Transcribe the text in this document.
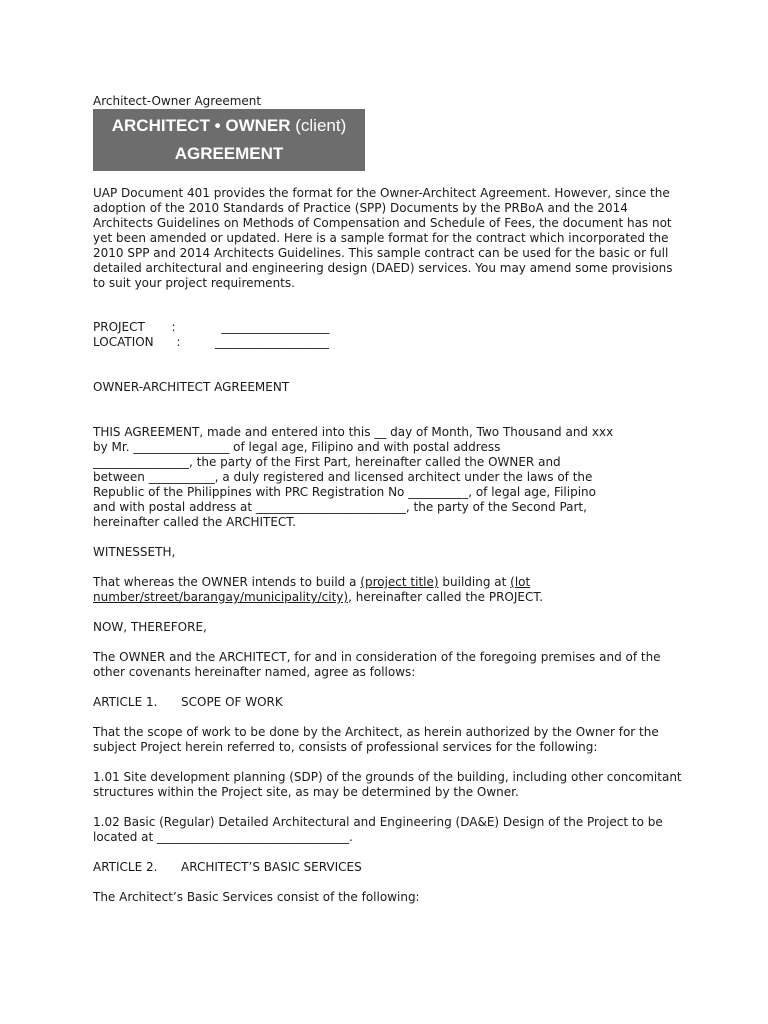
Architect-Owner Agreement

ARCHITECT • OWNER (client)
AGREEMENT

UAP Document 401 provides the format for the Owner-Architect Agreement. However, since the adoption of the 2010 Standards of Practice (SPP) Documents by the PRBoA and the 2014 Architects Guidelines on Methods of Compensation and Schedule of Fees, the document has not yet been amended or updated. Here is a sample format for the contract which incorporated the 2010 SPP and 2014 Architects Guidelines. This sample contract can be used for the basic or full detailed architectural and engineering design (DAED) services. You may amend some provisions to suit your project requirements.

PROJECT       :            __________________
LOCATION      :         ___________________

OWNER-ARCHITECT AGREEMENT

THIS AGREEMENT, made and entered into this __ day of Month, Two Thousand and xxx

by Mr. ________________ of legal age, Filipino and with postal address

________________, the party of the First Part, hereinafter called the OWNER and

between ___________, a duly registered and licensed architect under the laws of the

Republic of the Philippines with PRC Registration No __________, of legal age, Filipino

and with postal address at _________________________, the party of the Second Part,

hereinafter called the ARCHITECT.

WITNESSETH,

That whereas the OWNER intends to build a (project title) building at (lot
number/street/barangay/municipality/city), hereinafter called the PROJECT.

NOW, THEREFORE,

The OWNER and the ARCHITECT, for and in consideration of the foregoing premises and of the other covenants hereinafter named, agree as follows:

ARTICLE 1. SCOPE OF WORK

That the scope of work to be done by the Architect, as herein authorized by the Owner for the subject Project herein referred to, consists of professional services for the following:

1.01 Site development planning (SDP) of the grounds of the building, including other concomitant structures within the Project site, as may be determined by the Owner.

1.02 Basic (Regular) Detailed Architectural and Engineering (DA&E) Design of the Project to be located at ________________________________.

ARTICLE 2. ARCHITECT’S BASIC SERVICES

The Architect’s Basic Services consist of the following:
